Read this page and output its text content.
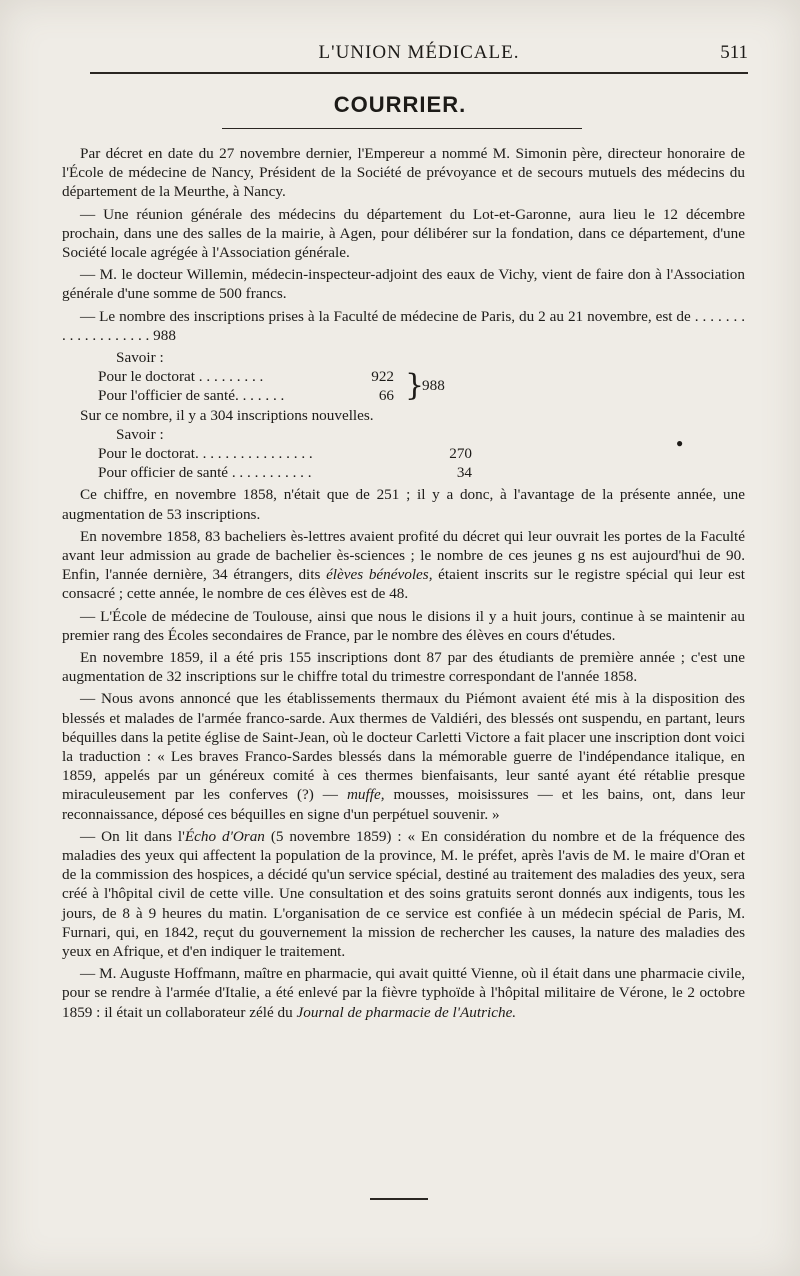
L'UNION MÉDICALE.	511
COURRIER.

Par décret en date du 27 novembre dernier, l'Empereur a nommé M. Simonin père, directeur honoraire de l'École de médecine de Nancy, Président de la Société de prévoyance et de secours mutuels des médecins du département de la Meurthe, à Nancy.

— Une réunion générale des médecins du département du Lot-et-Garonne, aura lieu le 12 décembre prochain, dans une des salles de la mairie, à Agen, pour délibérer sur la fondation, dans ce département, d'une Société locale agrégée à l'Association générale.

— M. le docteur Willemin, médecin-inspecteur-adjoint des eaux de Vichy, vient de faire don à l'Association générale d'une somme de 500 francs.

— Le nombre des inscriptions prises à la Faculté de médecine de Paris, du 2 au 21 novembre, est de . . . . . . . . . . . . . . . . . . . 988

Savoir :
Pour le doctorat . . . . . . . . .	922
Pour l'officier de santé. . . . . . .	66 }
988
Sur ce nombre, il y a 304 inscriptions nouvelles.
Savoir :
Pour le doctorat. . . . . . . . . . . . . . . .	270
Pour officier de santé . . . . . . . . . . .	34

Ce chiffre, en novembre 1858, n'était que de 251 ; il y a donc, à l'avantage de la présente année, une augmentation de 53 inscriptions.

En novembre 1858, 83 bacheliers ès-lettres avaient profité du décret qui leur ouvrait les portes de la Faculté avant leur admission au grade de bachelier ès-sciences ; le nombre de ces jeunes g ns est aujourd'hui de 90. Enfin, l'année dernière, 34 étrangers, dits élèves bénévoles, étaient inscrits sur le registre spécial qui leur est consacré ; cette année, le nombre de ces élèves est de 48.

— L'École de médecine de Toulouse, ainsi que nous le disions il y a huit jours, continue à se maintenir au premier rang des Écoles secondaires de France, par le nombre des élèves en cours d'études.

En novembre 1859, il a été pris 155 inscriptions dont 87 par des étudiants de première année ; c'est une augmentation de 32 inscriptions sur le chiffre total du trimestre correspondant de l'année 1858.

— Nous avons annoncé que les établissements thermaux du Piémont avaient été mis à la disposition des blessés et malades de l'armée franco-sarde. Aux thermes de Valdiéri, des blessés ont suspendu, en partant, leurs béquilles dans la petite église de Saint-Jean, où le docteur Carletti Victore a fait placer une inscription dont voici la traduction : « Les braves Franco-Sardes blessés dans la mémorable guerre de l'indépendance italique, en 1859, appelés par un généreux comité à ces thermes bienfaisants, leur santé ayant été rétablie presque miraculeusement par les conferves (?) — muffe, mousses, moisissures — et les bains, ont, dans leur reconnaissance, déposé ces béquilles en signe d'un perpétuel souvenir. »

— On lit dans l'Écho d'Oran (5 novembre 1859) : « En considération du nombre et de la fréquence des maladies des yeux qui affectent la population de la province, M. le préfet, après l'avis de M. le maire d'Oran et de la commission des hospices, a décidé qu'un service spécial, destiné au traitement des maladies des yeux, sera créé à l'hôpital civil de cette ville. Une consultation et des soins gratuits seront donnés aux indigents, tous les jours, de 8 à 9 heures du matin. L'organisation de ce service est confiée à un médecin spécial de Paris, M. Furnari, qui, en 1842, reçut du gouvernement la mission de rechercher les causes, la nature des maladies des yeux en Afrique, et d'en indiquer le traitement.

— M. Auguste Hoffmann, maître en pharmacie, qui avait quitté Vienne, où il était dans une pharmacie civile, pour se rendre à l'armée d'Italie, a été enlevé par la fièvre typhoïde à l'hôpital militaire de Vérone, le 2 octobre 1859 : il était un collaborateur zélé du Journal de pharmacie de l'Autriche.

●
